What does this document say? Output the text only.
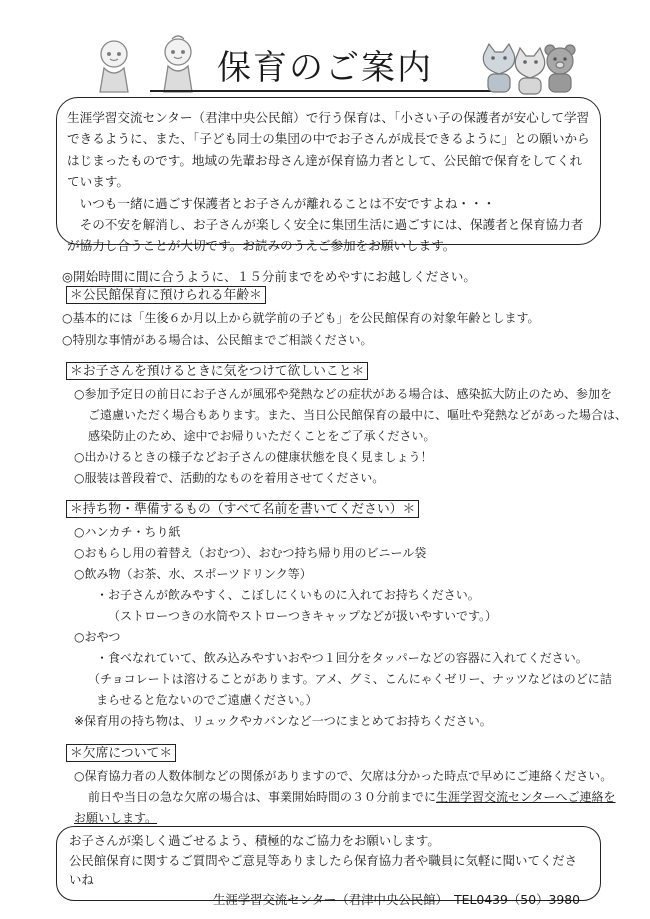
保育のご案内

生涯学習交流センター（君津中央公民館）で行う保育は、「小さい子の保護者が安心して学習できるように、また、「子ども同士の集団の中でお子さんが成長できるように」との願いからはじまったものです。地域の先輩お母さん達が保育協力者として、公民館で保育をしてくれています。

　いつも一緒に過ごす保護者とお子さんが離れることは不安ですよね・・・

　その不安を解消し、お子さんが楽しく安全に集団生活に過ごすには、保護者と保育協力者が協力し合うことが大切です。お読みのうえご参加をお願いします。

◎開始時間に間に合うように、１５分前までをめやすにお越しください。
＊公民館保育に預けられる年齢＊
○基本的には「生後６か月以上から就学前の子ども」を公民館保育の対象年齢とします。
○特別な事情がある場合は、公民館までご相談ください。
＊お子さんを預けるときに気をつけて欲しいこと＊
○参加予定日の前日にお子さんが風邪や発熱などの症状がある場合は、感染拡大防止のため、参加を
ご遠慮いただく場合もあります。また、当日公民館保育の最中に、嘔吐や発熱などがあった場合は、
感染防止のため、途中でお帰りいただくことをご了承ください。
○出かけるときの様子などお子さんの健康状態を良く見ましょう！
○服装は普段着で、活動的なものを着用させてください。
＊持ち物・準備するもの（すべて名前を書いてください）＊
○ハンカチ・ちり紙
○おもらし用の着替え（おむつ）、おむつ持ち帰り用のビニール袋
○飲み物（お茶、水、スポーツドリンク等）
・お子さんが飲みやすく、こぼしにくいものに入れてお持ちください。
（ストローつきの水筒やストローつきキャップなどが扱いやすいです。）
○おやつ
・食べなれていて、飲み込みやすいおやつ１回分をタッパーなどの容器に入れてください。
（チョコレートは溶けることがあります。アメ、グミ、こんにゃくゼリー、ナッツなどはのどに詰
まらせると危ないのでご遠慮ください。）
※保育用の持ち物は、リュックやカバンなど一つにまとめてお持ちください。
＊欠席について＊
○保育協力者の人数体制などの関係がありますので、欠席は分かった時点で早めにご連絡ください。
前日や当日の急な欠席の場合は、事業開始時間の３０分前までに生涯学習交流センターへご連絡を
お願いします。
お子さんが楽しく過ごせるよう、積極的なご協力をお願いします。
公民館保育に関するご質問やご意見等ありましたら保育協力者や職員に気軽に聞いてくださいね
生涯学習交流センター（君津中央公民館）　TEL0439（50）3980
